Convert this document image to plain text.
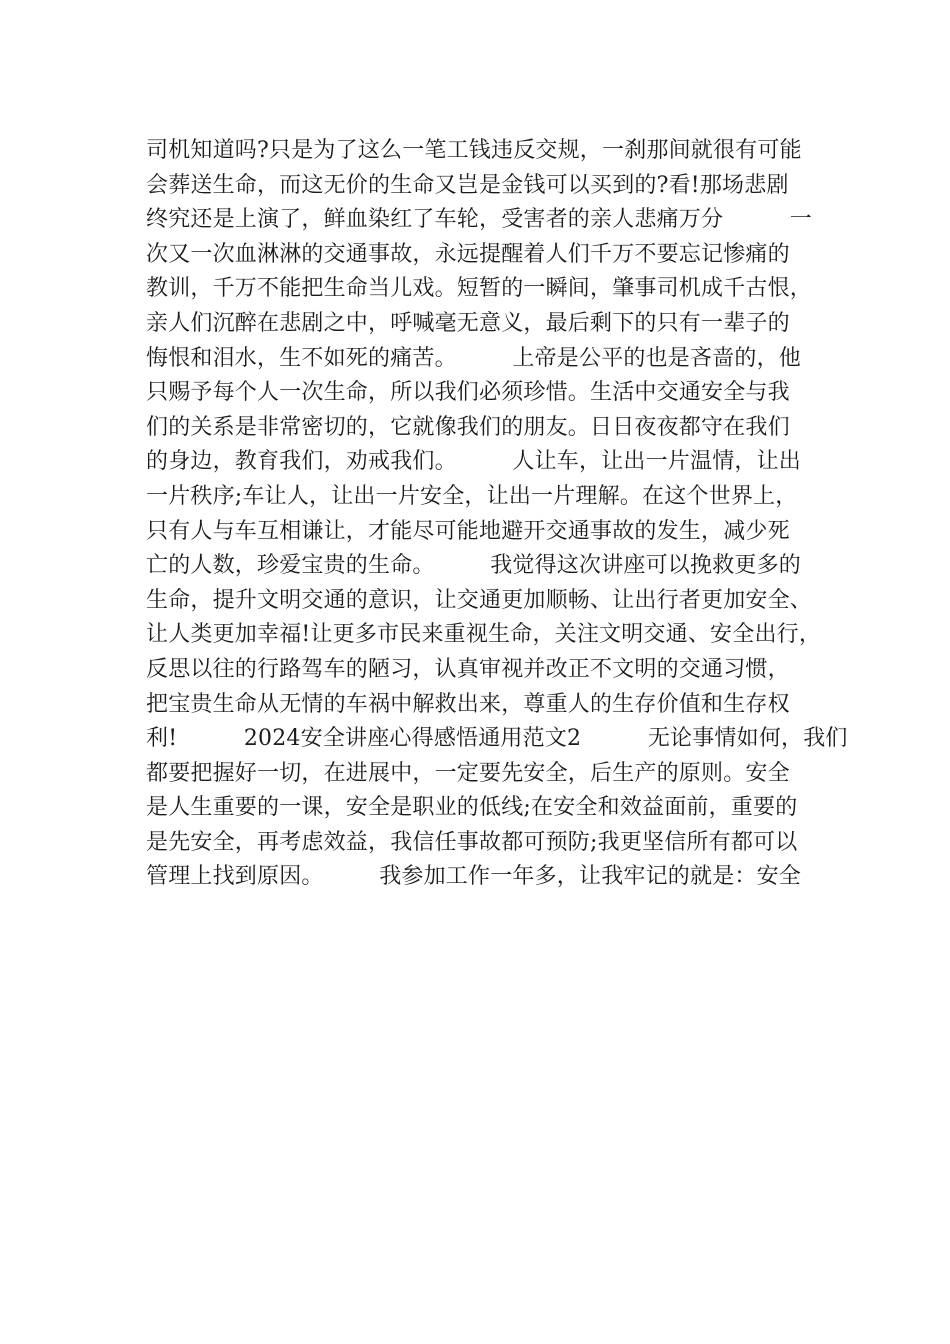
司机知道吗?只是为了这么一笔工钱违反交规，一刹那间就很有可能
会葬送生命，而这无价的生命又岂是金钱可以买到的?看!那场悲剧
终究还是上演了，鲜血染红了车轮，受害者的亲人悲痛万分　　　一
次又一次血淋淋的交通事故，永远提醒着人们千万不要忘记惨痛的
教训，千万不能把生命当儿戏。短暂的一瞬间，肇事司机成千古恨，
亲人们沉醉在悲剧之中，呼喊毫无意义，最后剩下的只有一辈子的
悔恨和泪水，生不如死的痛苦。　　　上帝是公平的也是吝啬的，他
只赐予每个人一次生命，所以我们必须珍惜。生活中交通安全与我
们的关系是非常密切的，它就像我们的朋友。日日夜夜都守在我们
的身边，教育我们，劝戒我们。　　　人让车，让出一片温情，让出
一片秩序;车让人，让出一片安全，让出一片理解。在这个世界上，
只有人与车互相谦让，才能尽可能地避开交通事故的发生，减少死
亡的人数，珍爱宝贵的生命。　　　我觉得这次讲座可以挽救更多的
生命，提升文明交通的意识，让交通更加顺畅、让出行者更加安全、
让人类更加幸福!让更多市民来重视生命，关注文明交通、安全出行，
反思以往的行路驾车的陋习，认真审视并改正不文明的交通习惯，
把宝贵生命从无情的车祸中解救出来，尊重人的生存价值和生存权
利!　　　2024安全讲座心得感悟通用范文2　　　无论事情如何，我们
都要把握好一切，在进展中，一定要先安全，后生产的原则。安全
是人生重要的一课，安全是职业的低线;在安全和效益面前，重要的
是先安全，再考虑效益，我信任事故都可预防;我更坚信所有都可以
管理上找到原因。　　　我参加工作一年多，让我牢记的就是：安全
